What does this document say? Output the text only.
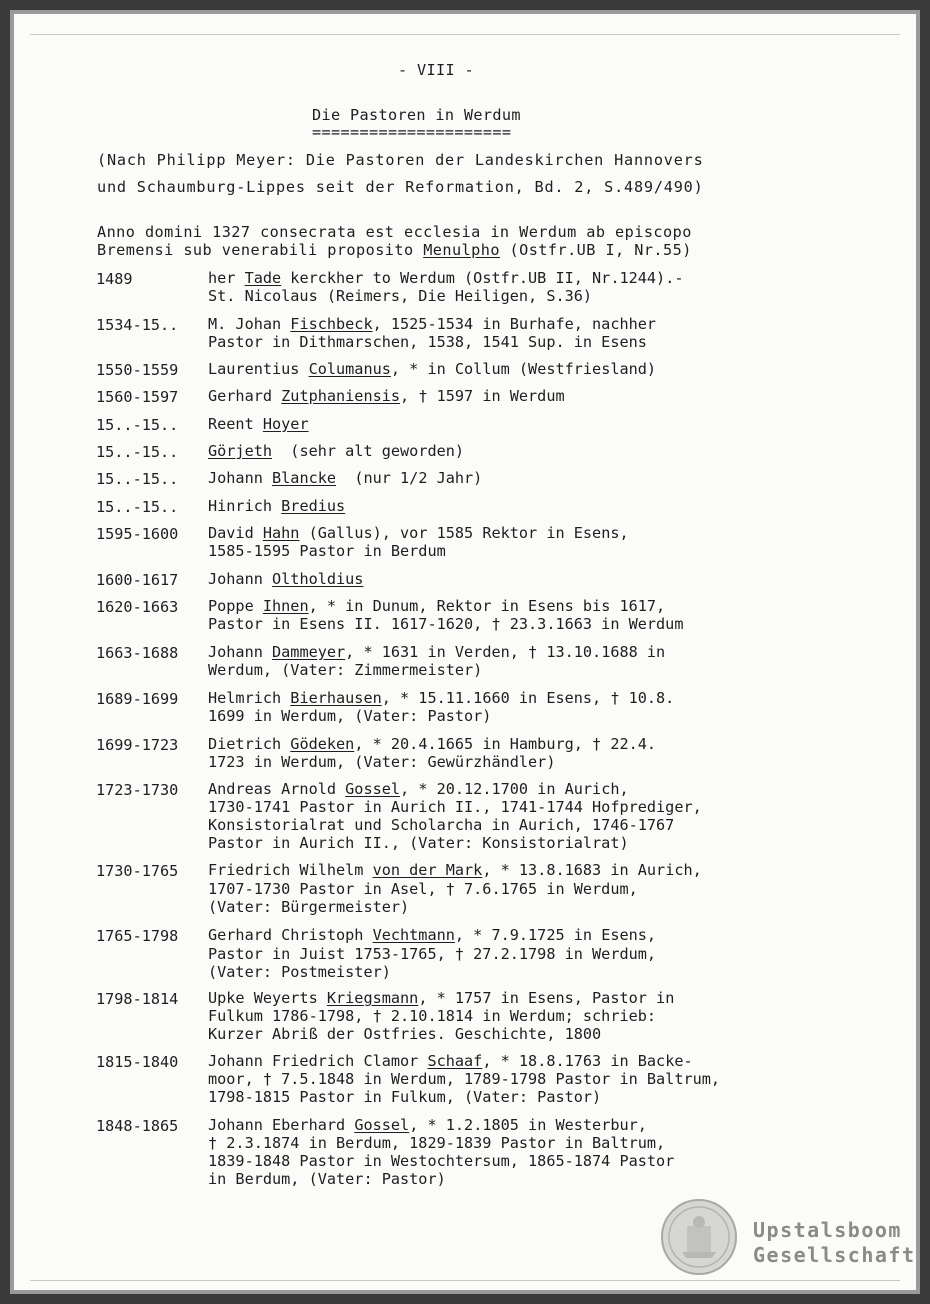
- VIII -
Die Pastoren in Werdum
=====================
(Nach Philipp Meyer: Die Pastoren der Landeskirchen Hannovers
und Schaumburg-Lippes seit der Reformation, Bd. 2, S.489/490)
Anno domini 1327 consecrata est ecclesia in Werdum ab episcopo
Bremensi sub venerabili proposito Menulpho (Ostfr.UB I, Nr.55)
1489	her Tade kerckher to Werdum (Ostfr.UB II, Nr.1244).-
St. Nicolaus (Reimers, Die Heiligen, S.36)
1534-15.. M. Johan Fischbeck, 1525-1534 in Burhafe, nachher
Pastor in Dithmarschen, 1538, 1541 Sup. in Esens
1550-1559 Laurentius Columanus, * in Collum (Westfriesland)
1560-1597 Gerhard Zutphaniensis, † 1597 in Werdum
15..-15.. Reent Hoyer
15..-15.. Görjeth  (sehr alt geworden)
15..-15.. Johann Blancke  (nur 1/2 Jahr)
15..-15.. Hinrich Bredius
1595-1600 David Hahn (Gallus), vor 1585 Rektor in Esens,
1585-1595 Pastor in Berdum
1600-1617 Johann Oltholdius
1620-1663 Poppe Ihnen, * in Dunum, Rektor in Esens bis 1617,
Pastor in Esens II. 1617-1620, † 23.3.1663 in Werdum
1663-1688 Johann Dammeyer, * 1631 in Verden, † 13.10.1688 in
Werdum, (Vater: Zimmermeister)
1689-1699 Helmrich Bierhausen, * 15.11.1660 in Esens, † 10.8.
1699 in Werdum, (Vater: Pastor)
1699-1723 Dietrich Gödeken, * 20.4.1665 in Hamburg, † 22.4.
1723 in Werdum, (Vater: Gewürzhändler)
1723-1730 Andreas Arnold Gossel, * 20.12.1700 in Aurich,
1730-1741 Pastor in Aurich II., 1741-1744 Hofprediger,
Konsistorialrat und Scholarcha in Aurich, 1746-1767
Pastor in Aurich II., (Vater: Konsistorialrat)
1730-1765 Friedrich Wilhelm von der Mark, * 13.8.1683 in Aurich,
1707-1730 Pastor in Asel, † 7.6.1765 in Werdum,
(Vater: Bürgermeister)
1765-1798 Gerhard Christoph Vechtmann, * 7.9.1725 in Esens,
Pastor in Juist 1753-1765, † 27.2.1798 in Werdum,
(Vater: Postmeister)
1798-1814 Upke Weyerts Kriegsmann, * 1757 in Esens, Pastor in
Fulkum 1786-1798, † 2.10.1814 in Werdum; schrieb:
Kurzer Abriß der Ostfries. Geschichte, 1800
1815-1840 Johann Friedrich Clamor Schaaf, * 18.8.1763 in Backe-
moor, † 7.5.1848 in Werdum, 1789-1798 Pastor in Baltrum,
1798-1815 Pastor in Fulkum, (Vater: Pastor)
1848-1865 Johann Eberhard Gossel, * 1.2.1805 in Westerbur,
† 2.3.1874 in Berdum, 1829-1839 Pastor in Baltrum,
1839-1848 Pastor in Westochtersum, 1865-1874 Pastor
in Berdum, (Vater: Pastor)
Upstalsboom
Gesellschaft
